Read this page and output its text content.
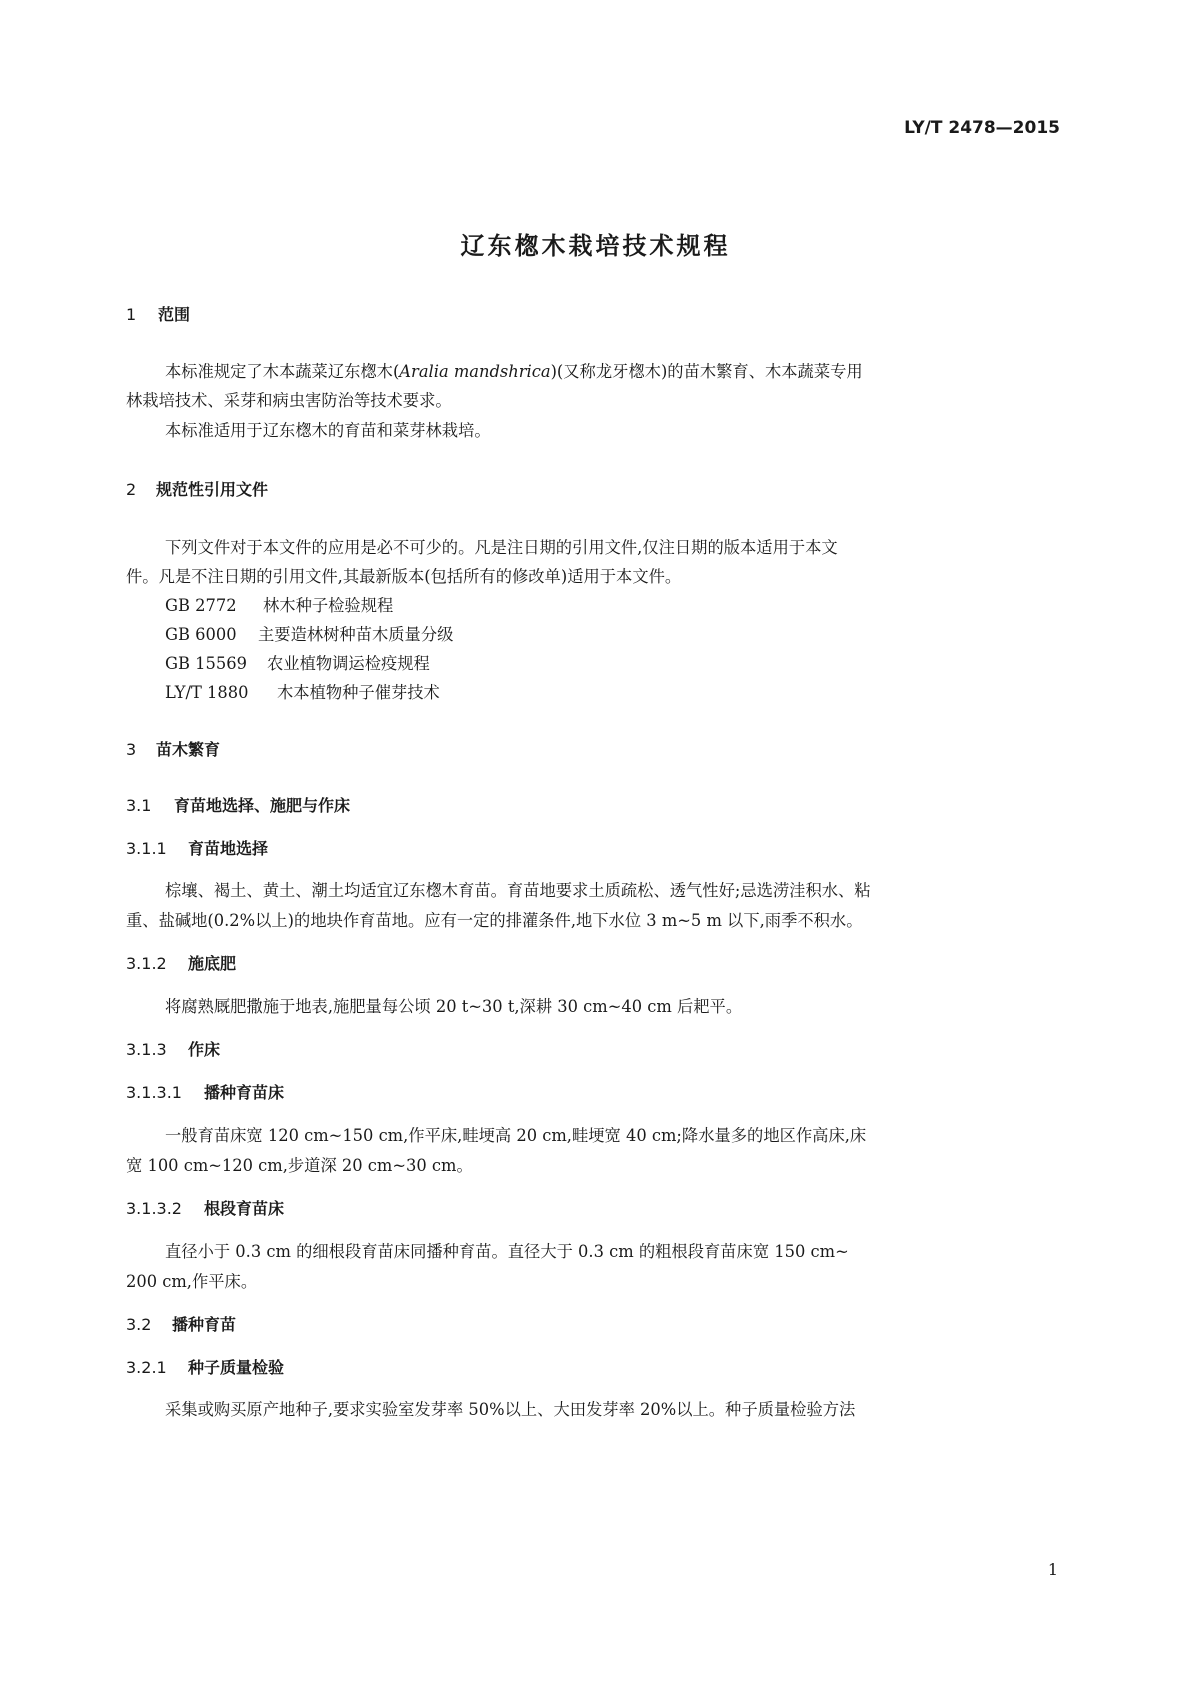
LY/T 2478—2015
辽东楤木栽培技术规程
1 范围
本标准规定了木本蔬菜辽东楤木(Aralia mandshrica)(又称龙牙楤木)的苗木繁育、木本蔬菜专用
林栽培技术、采芽和病虫害防治等技术要求。
本标准适用于辽东楤木的育苗和菜芽林栽培。
2 规范性引用文件
下列文件对于本文件的应用是必不可少的。凡是注日期的引用文件,仅注日期的版本适用于本文
件。凡是不注日期的引用文件,其最新版本(包括所有的修改单)适用于本文件。
GB 2772 林木种子检验规程
GB 6000 主要造林树种苗木质量分级
GB 15569 农业植物调运检疫规程
LY/T 1880 木本植物种子催芽技术
3 苗木繁育
3.1 育苗地选择、施肥与作床
3.1.1 育苗地选择
棕壤、褐土、黄土、潮土均适宜辽东楤木育苗。育苗地要求土质疏松、透气性好;忌选涝洼积水、粘
重、盐碱地(0.2%以上)的地块作育苗地。应有一定的排灌条件,地下水位 3 m~5 m 以下,雨季不积水。
3.1.2 施底肥
将腐熟厩肥撒施于地表,施肥量每公顷 20 t~30 t,深耕 30 cm~40 cm 后耙平。
3.1.3 作床
3.1.3.1 播种育苗床
一般育苗床宽 120 cm~150 cm,作平床,畦埂高 20 cm,畦埂宽 40 cm;降水量多的地区作高床,床
宽 100 cm~120 cm,步道深 20 cm~30 cm。
3.1.3.2 根段育苗床
直径小于 0.3 cm 的细根段育苗床同播种育苗。直径大于 0.3 cm 的粗根段育苗床宽 150 cm~
200 cm,作平床。
3.2 播种育苗
3.2.1 种子质量检验
采集或购买原产地种子,要求实验室发芽率 50%以上、大田发芽率 20%以上。种子质量检验方法
1
